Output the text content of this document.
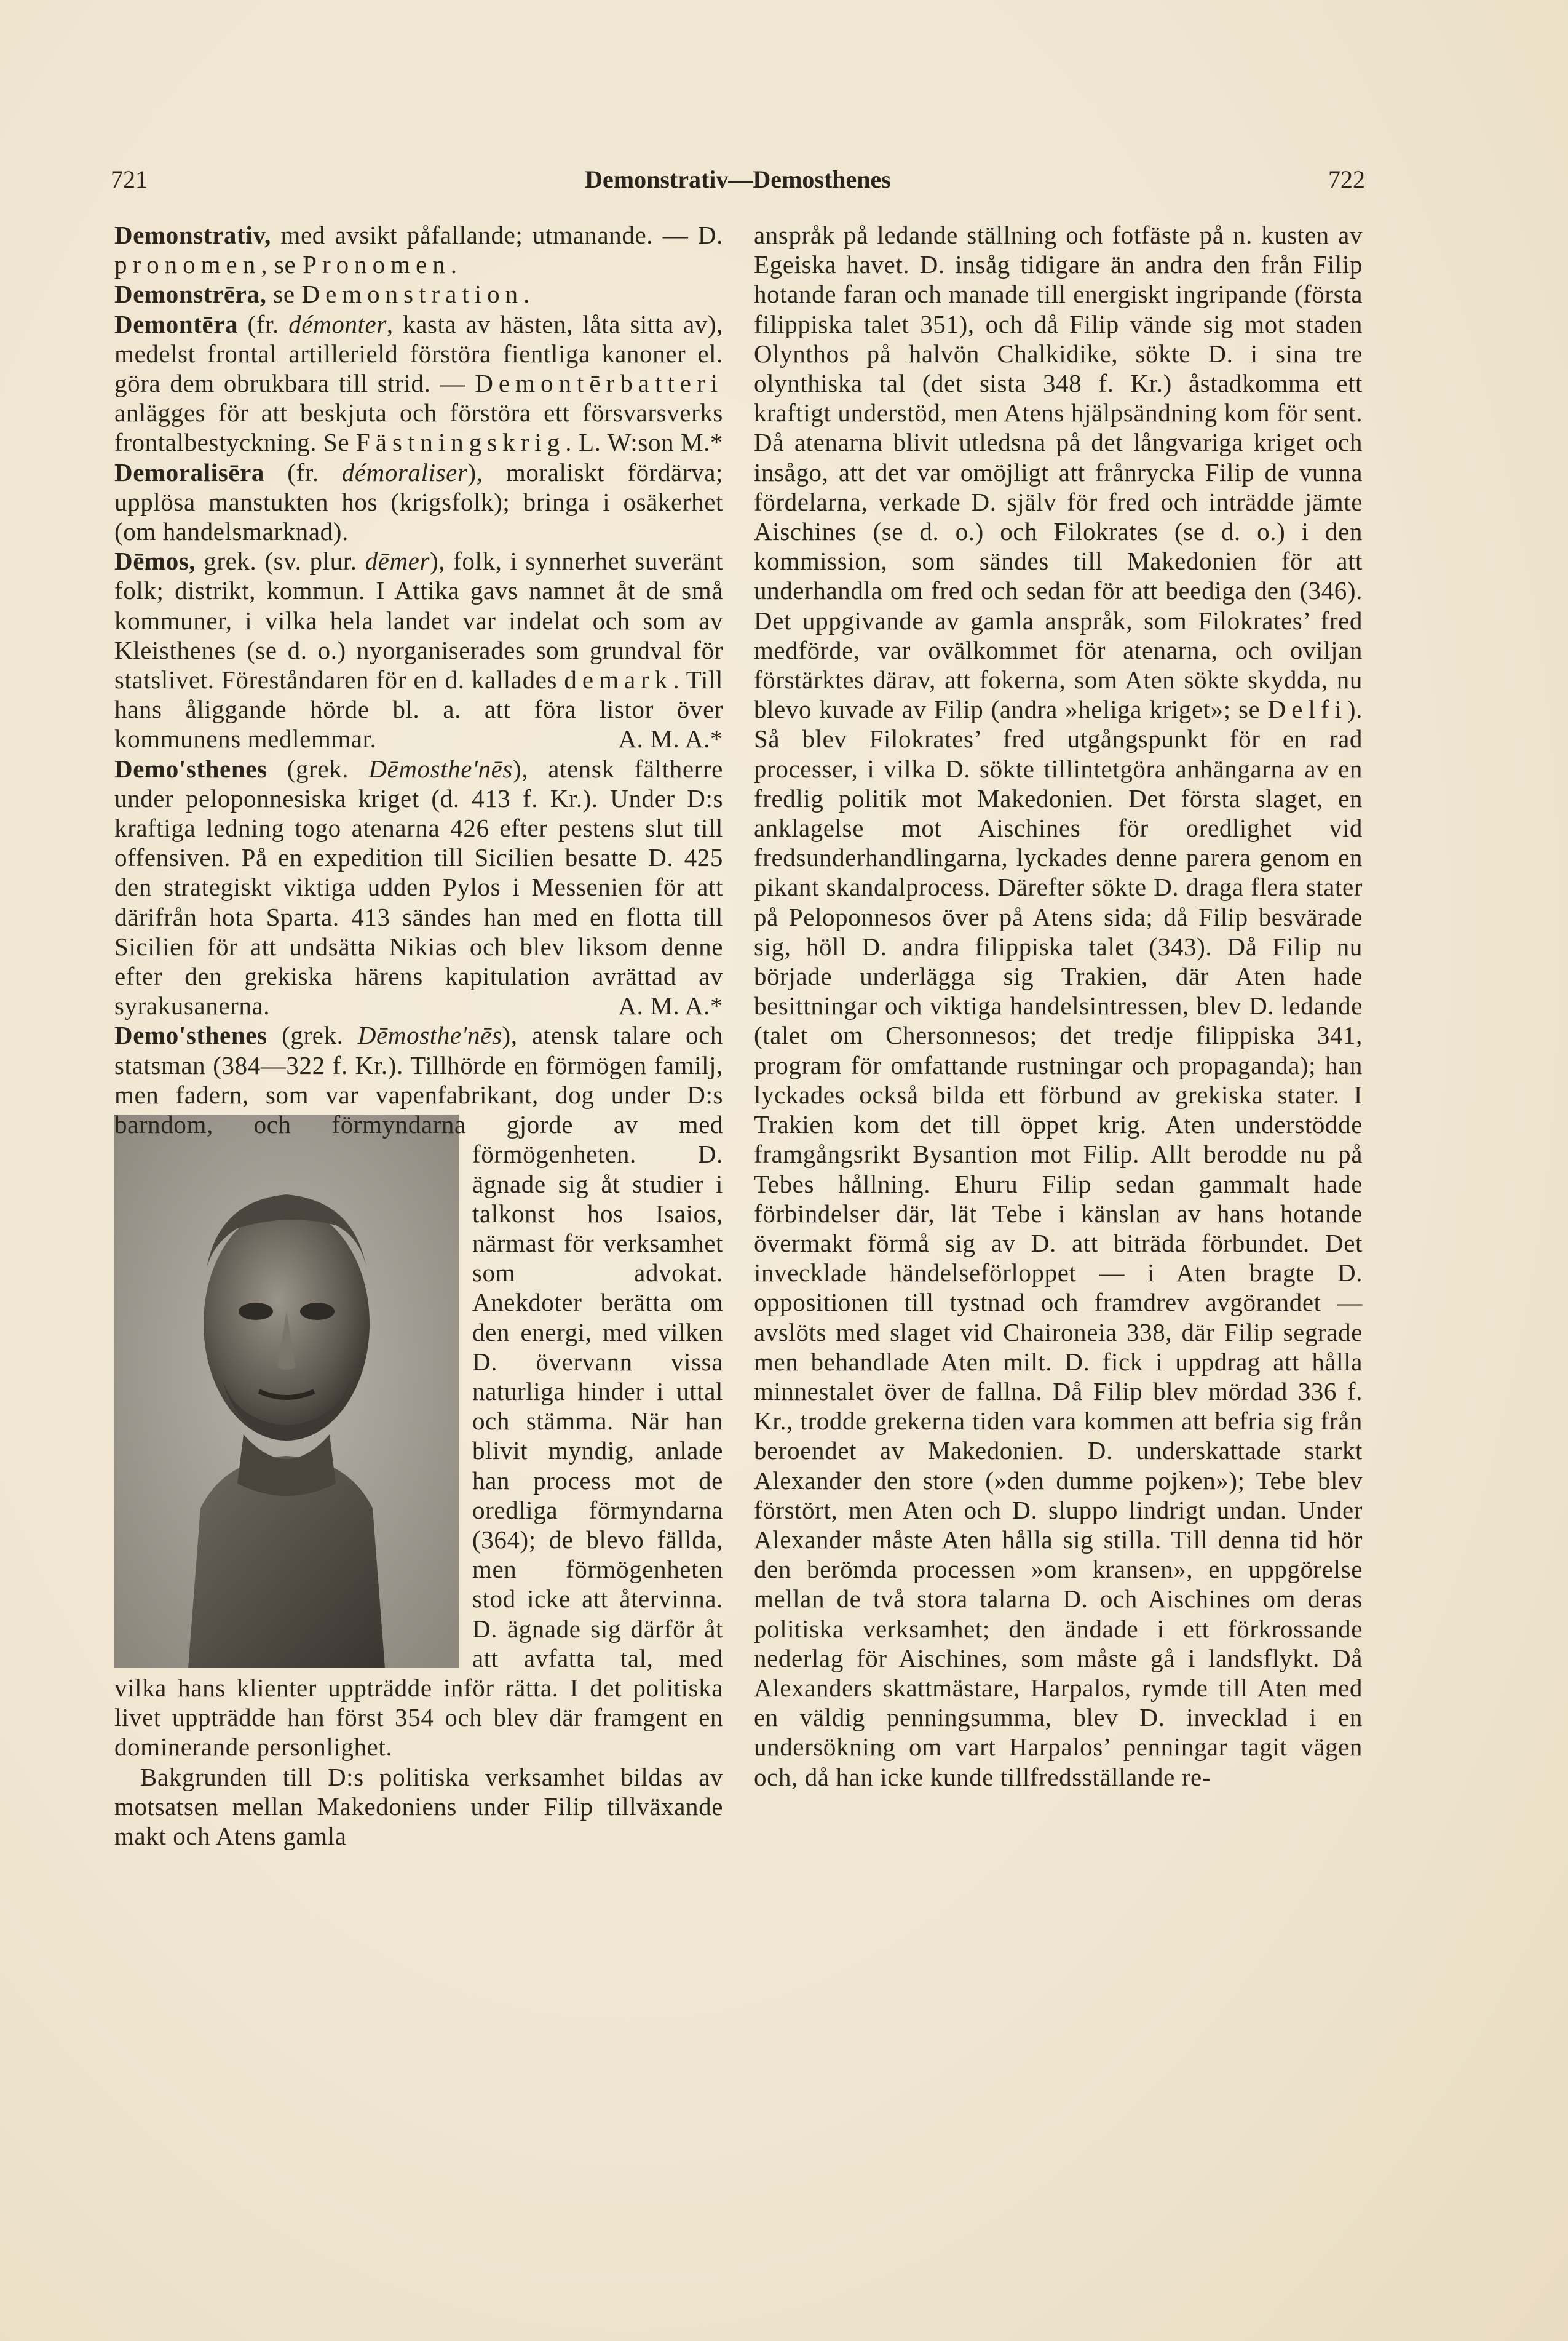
721	Demonstrativ—Demosthenes	722

Demonstrativ, med avsikt påfallande; utmanande. — D. pronomen, se Pronomen.

Demonstrēra, se Demonstration.

Demontēra (fr. démonter, kasta av hästen, låta sitta av), medelst frontal artillerield förstöra fientliga kanoner el. göra dem obrukbara till strid. — Demontērbatteri anlägges för att beskjuta och förstöra ett försvarsverks frontalbestyckning. Se Fästningskrig. L. W:son M.*

Demoralisēra (fr. démoraliser), moraliskt fördärva; upplösa manstukten hos (krigsfolk); bringa i osäkerhet (om handelsmarknad).

Dēmos, grek. (sv. plur. dēmer), folk, i synnerhet suveränt folk; distrikt, kommun. I Attika gavs namnet åt de små kommuner, i vilka hela landet var indelat och som av Kleisthenes (se d. o.) nyorganiserades som grundval för statslivet. Föreståndaren för en d. kallades demark. Till hans åliggande hörde bl. a. att föra listor över kommunens medlemmar.	A. M. A.*

Demo'sthenes (grek. Dēmosthe'nēs), atensk fältherre under peloponnesiska kriget (d. 413 f. Kr.). Under D:s kraftiga ledning togo atenarna 426 efter pestens slut till offensiven. På en expedition till Sicilien besatte D. 425 den strategiskt viktiga udden Pylos i Messenien för att därifrån hota Sparta. 413 sändes han med en flotta till Sicilien för att undsätta Nikias och blev liksom denne efter den grekiska härens kapitulation avrättad av syrakusanerna.	A. M. A.*

Demo'sthenes (grek. Dēmosthe'nēs), atensk talare och statsman (384—322 f. Kr.). Tillhörde en förmögen familj, men fadern, som var vapenfabrikant, dog under D:s barndom,
och förmyndarna gjorde av med förmögenheten. D. ägnade sig åt studier i talkonst hos Isaios, närmast för verksamhet som advokat. Anekdoter berätta om den energi, med vilken D. övervann vissa naturliga hinder i uttal och stämma. När han blivit myndig, anlade han process mot de oredliga förmyndarna (364); de blevo fällda, men förmögenheten stod icke att återvinna. D. ägnade sig därför åt att avfatta tal, med vilka hans klienter uppträdde inför rätta. I det politiska livet uppträdde han först 354 och blev där framgent en dominerande personlighet.

Bakgrunden till D:s politiska verksamhet bildas av motsatsen mellan Makedoniens under Filip tillväxande makt och Atens gamla

anspråk på ledande ställning och fotfäste på n. kusten av Egeiska havet. D. insåg tidigare än andra den från Filip hotande faran och manade till energiskt ingripande (första filippiska talet 351), och då Filip vände sig mot staden Olynthos på halvön Chalkidike, sökte D. i sina tre olynthiska tal (det sista 348 f. Kr.) åstadkomma ett kraftigt understöd, men Atens hjälpsändning kom för sent. Då atenarna blivit utledsna på det långvariga kriget och insågo, att det var omöjligt att frånrycka Filip de vunna fördelarna, verkade D. själv för fred och inträdde jämte Aischines (se d. o.) och Filokrates (se d. o.) i den kommission, som sändes till Makedonien för att underhandla om fred och sedan för att beediga den (346). Det uppgivande av gamla anspråk, som Filokrates’ fred medförde, var ovälkommet för atenarna, och oviljan förstärktes därav, att fokerna, som Aten sökte skydda, nu blevo kuvade av Filip (andra »heliga kriget»; se Delfi). Så blev Filokrates’ fred utgångspunkt för en rad processer, i vilka D. sökte tillintetgöra anhängarna av en fredlig politik mot Makedonien. Det första slaget, en anklagelse mot Aischines för oredlighet vid fredsunderhandlingarna, lyckades denne parera genom en pikant skandalprocess. Därefter sökte D. draga flera stater på Peloponnesos över på Atens sida; då Filip besvärade sig, höll D. andra filippiska talet (343). Då Filip nu började underlägga sig Trakien, där Aten hade besittningar och viktiga handelsintressen, blev D. ledande (talet om Chersonnesos; det tredje filippiska 341, program för omfattande rustningar och propaganda); han lyckades också bilda ett förbund av grekiska stater. I Trakien kom det till öppet krig. Aten understödde framgångsrikt Bysantion mot Filip. Allt berodde nu på Tebes hållning. Ehuru Filip sedan gammalt hade förbindelser där, lät Tebe i känslan av hans hotande övermakt förmå sig av D. att biträda förbundet. Det invecklade händelseförloppet — i Aten bragte D. oppositionen till tystnad och framdrev avgörandet — avslöts med slaget vid Chaironeia 338, där Filip segrade men behandlade Aten milt. D. fick i uppdrag att hålla minnestalet över de fallna. Då Filip blev mördad 336 f. Kr., trodde grekerna tiden vara kommen att befria sig från beroendet av Makedonien. D. underskattade starkt Alexander den store (»den dumme pojken»); Tebe blev förstört, men Aten och D. sluppo lindrigt undan. Under Alexander måste Aten hålla sig stilla. Till denna tid hör den berömda processen »om kransen», en uppgörelse mellan de två stora talarna D. och Aischines om deras politiska verksamhet; den ändade i ett förkrossande nederlag för Aischines, som måste gå i landsflykt. Då Alexanders skattmästare, Harpalos, rymde till Aten med en väldig penningsumma, blev D. invecklad i en undersökning om vart Harpalos’ penningar tagit vägen och, då han icke kunde tillfredsställande re-
